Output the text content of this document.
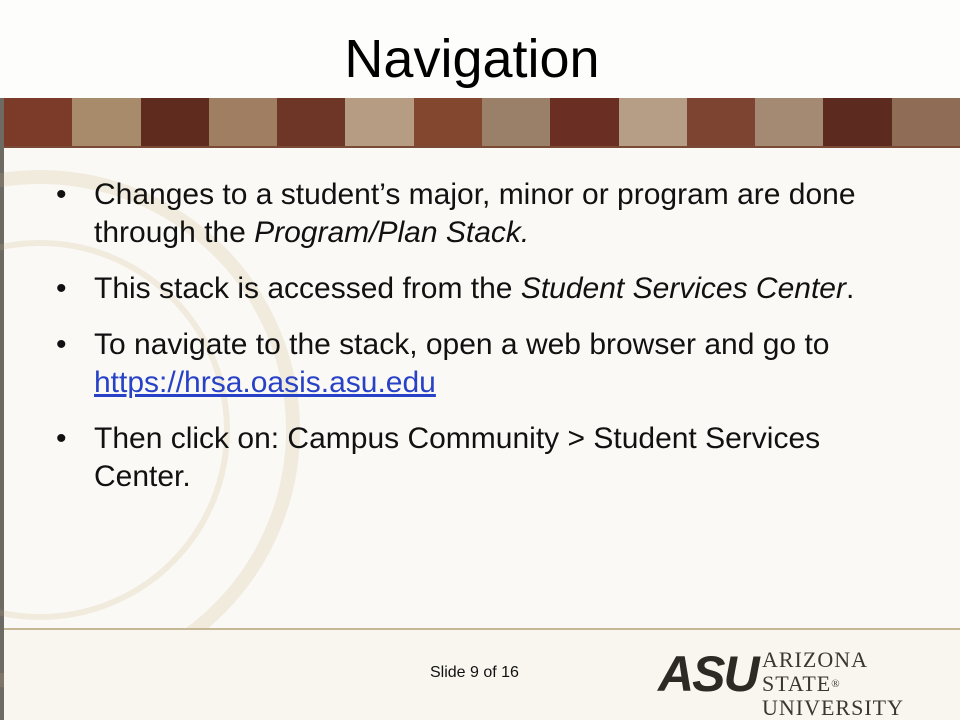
Navigation
• Changes to a student’s major, minor or program are done through the Program/Plan Stack.
• This stack is accessed from the Student Services Center.
• To navigate to the stack, open a web browser and go to https://hrsa.oasis.asu.edu
• Then click on: Campus Community > Student Services Center.
Slide 9 of 16	ASU ARIZONA STATE®
UNIVERSITY
